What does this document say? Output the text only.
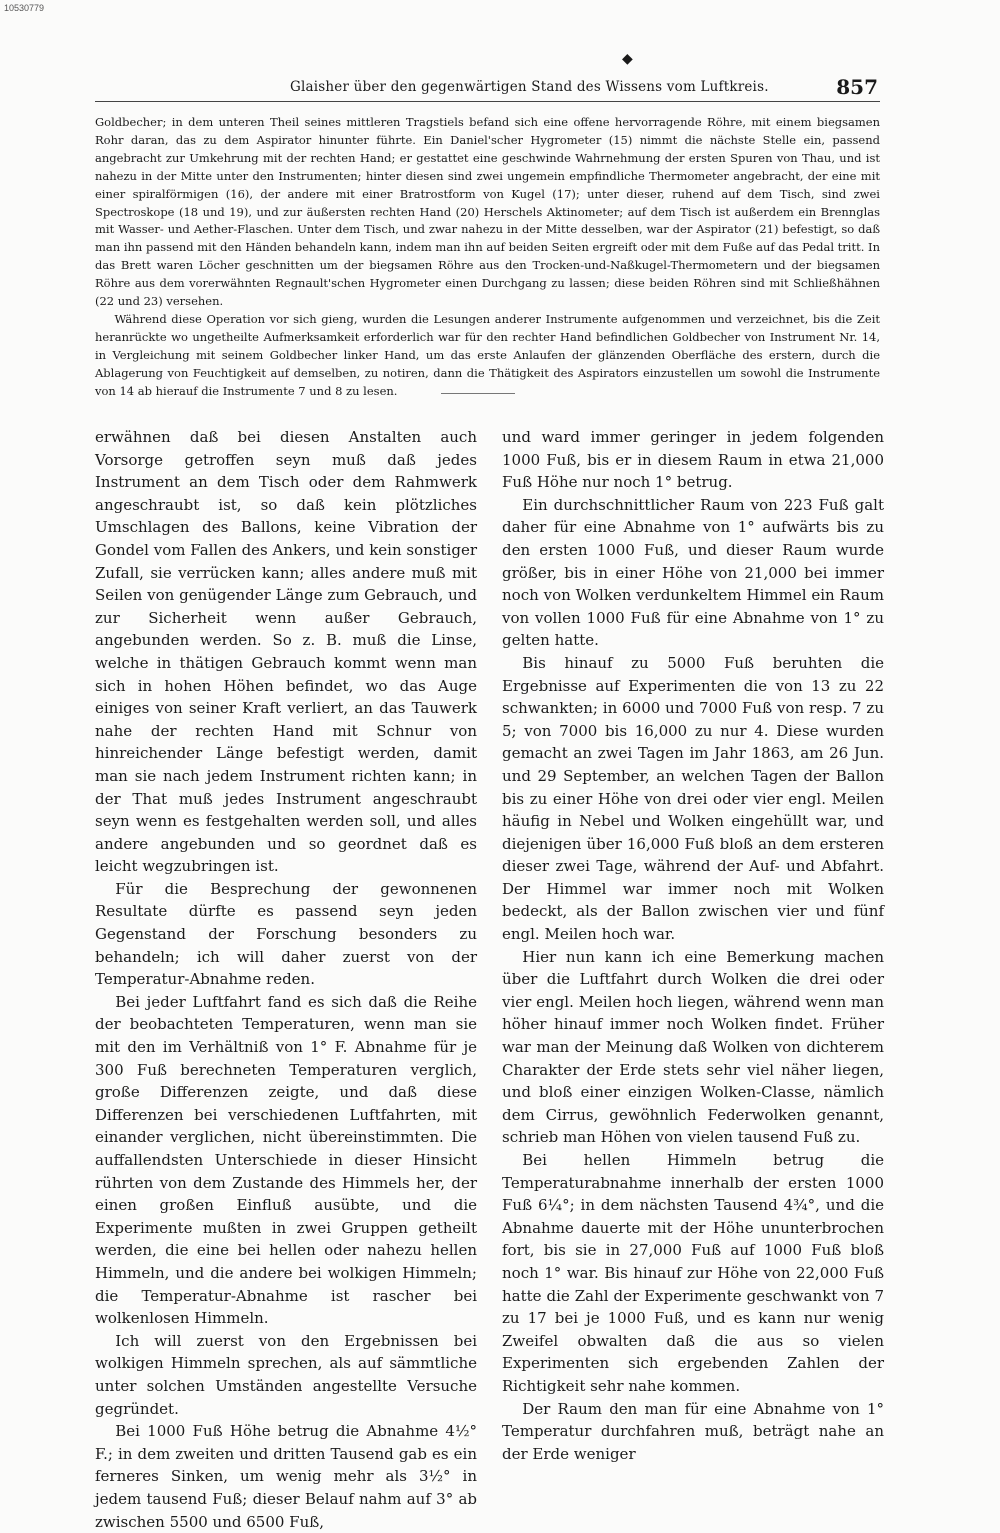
10530779
◆
Glaisher über den gegenwärtigen Stand des Wissens vom Luftkreis.	857

Goldbecher; in dem unteren Theil seines mittleren Tragstiels befand sich eine offene hervorragende Röhre, mit einem biegsamen Rohr daran, das zu dem Aspirator hinunter führte. Ein Daniel'scher Hygrometer (15) nimmt die nächste Stelle ein, passend angebracht zur Umkehrung mit der rechten Hand; er gestattet eine geschwinde Wahrnehmung der ersten Spuren von Thau, und ist nahezu in der Mitte unter den Instrumenten; hinter diesen sind zwei ungemein empfindliche Thermometer angebracht, der eine mit einer spiralförmigen (16), der andere mit einer Bratrostform von Kugel (17); unter dieser, ruhend auf dem Tisch, sind zwei Spectroskope (18 und 19), und zur äußersten rechten Hand (20) Herschels Aktinometer; auf dem Tisch ist außerdem ein Brennglas mit Wasser- und Aether-Flaschen. Unter dem Tisch, und zwar nahezu in der Mitte desselben, war der Aspirator (21) befestigt, so daß man ihn passend mit den Händen behandeln kann, indem man ihn auf beiden Seiten ergreift oder mit dem Fuße auf das Pedal tritt. In das Brett waren Löcher geschnitten um der biegsamen Röhre aus den Trocken-und-Naßkugel-Thermometern und der biegsamen Röhre aus dem vorerwähnten Regnault'schen Hygrometer einen Durchgang zu lassen; diese beiden Röhren sind mit Schließhähnen (22 und 23) versehen.

Während diese Operation vor sich gieng, wurden die Lesungen anderer Instrumente aufgenommen und verzeichnet, bis die Zeit heranrückte wo ungetheilte Aufmerksamkeit erforderlich war für den rechter Hand befindlichen Goldbecher von Instrument Nr. 14, in Vergleichung mit seinem Goldbecher linker Hand, um das erste Anlaufen der glänzenden Oberfläche des erstern, durch die Ablagerung von Feuchtigkeit auf demselben, zu notiren, dann die Thätigkeit des Aspirators einzustellen um sowohl die Instrumente von 14 ab hierauf die Instrumente 7 und 8 zu lesen.

erwähnen daß bei diesen Anstalten auch Vorsorge getroffen seyn muß daß jedes Instrument an dem Tisch oder dem Rahmwerk angeschraubt ist, so daß kein plötzliches Umschlagen des Ballons, keine Vibration der Gondel vom Fallen des Ankers, und kein sonstiger Zufall, sie verrücken kann; alles andere muß mit Seilen von genügender Länge zum Gebrauch, und zur Sicherheit wenn außer Gebrauch, angebunden werden. So z. B. muß die Linse, welche in thätigen Gebrauch kommt wenn man sich in hohen Höhen befindet, wo das Auge einiges von seiner Kraft verliert, an das Tauwerk nahe der rechten Hand mit Schnur von hinreichender Länge befestigt werden, damit man sie nach jedem Instrument richten kann; in der That muß jedes Instrument angeschraubt seyn wenn es festgehalten werden soll, und alles andere angebunden und so geordnet daß es leicht wegzubringen ist.

Für die Besprechung der gewonnenen Resultate dürfte es passend seyn jeden Gegenstand der Forschung besonders zu behandeln; ich will daher zuerst von der Temperatur-Abnahme reden.

Bei jeder Luftfahrt fand es sich daß die Reihe der beobachteten Temperaturen, wenn man sie mit den im Verhältniß von 1° F. Abnahme für je 300 Fuß berechneten Temperaturen verglich, große Differenzen zeigte, und daß diese Differenzen bei verschiedenen Luftfahrten, mit einander verglichen, nicht übereinstimmten. Die auffallendsten Unterschiede in dieser Hinsicht rührten von dem Zustande des Himmels her, der einen großen Einfluß ausübte, und die Experimente mußten in zwei Gruppen getheilt werden, die eine bei hellen oder nahezu hellen Himmeln, und die andere bei wolkigen Himmeln; die Temperatur-Abnahme ist rascher bei wolkenlosen Himmeln.

Ich will zuerst von den Ergebnissen bei wolkigen Himmeln sprechen, als auf sämmtliche unter solchen Umständen angestellte Versuche gegründet.

Bei 1000 Fuß Höhe betrug die Abnahme 4½° F.; in dem zweiten und dritten Tausend gab es ein ferneres Sinken, um wenig mehr als 3½° in jedem tausend Fuß; dieser Belauf nahm auf 3° ab zwischen 5500 und 6500 Fuß,

und ward immer geringer in jedem folgenden 1000 Fuß, bis er in diesem Raum in etwa 21,000 Fuß Höhe nur noch 1° betrug.

Ein durchschnittlicher Raum von 223 Fuß galt daher für eine Abnahme von 1° aufwärts bis zu den ersten 1000 Fuß, und dieser Raum wurde größer, bis in einer Höhe von 21,000 bei immer noch von Wolken verdunkeltem Himmel ein Raum von vollen 1000 Fuß für eine Abnahme von 1° zu gelten hatte.

Bis hinauf zu 5000 Fuß beruhten die Ergebnisse auf Experimenten die von 13 zu 22 schwankten; in 6000 und 7000 Fuß von resp. 7 zu 5; von 7000 bis 16,000 zu nur 4. Diese wurden gemacht an zwei Tagen im Jahr 1863, am 26 Jun. und 29 September, an welchen Tagen der Ballon bis zu einer Höhe von drei oder vier engl. Meilen häufig in Nebel und Wolken eingehüllt war, und diejenigen über 16,000 Fuß bloß an dem ersteren dieser zwei Tage, während der Auf- und Abfahrt. Der Himmel war immer noch mit Wolken bedeckt, als der Ballon zwischen vier und fünf engl. Meilen hoch war.

Hier nun kann ich eine Bemerkung machen über die Luftfahrt durch Wolken die drei oder vier engl. Meilen hoch liegen, während wenn man höher hinauf immer noch Wolken findet. Früher war man der Meinung daß Wolken von dichterem Charakter der Erde stets sehr viel näher liegen, und bloß einer einzigen Wolken-Classe, nämlich dem Cirrus, gewöhnlich Federwolken genannt, schrieb man Höhen von vielen tausend Fuß zu.

Bei hellen Himmeln betrug die Temperaturabnahme innerhalb der ersten 1000 Fuß 6¼°; in dem nächsten Tausend 4¾°, und die Abnahme dauerte mit der Höhe ununterbrochen fort, bis sie in 27,000 Fuß auf 1000 Fuß bloß noch 1° war. Bis hinauf zur Höhe von 22,000 Fuß hatte die Zahl der Experimente geschwankt von 7 zu 17 bei je 1000 Fuß, und es kann nur wenig Zweifel obwalten daß die aus so vielen Experimenten sich ergebenden Zahlen der Richtigkeit sehr nahe kommen.

Der Raum den man für eine Abnahme von 1° Temperatur durchfahren muß, beträgt nahe an der Erde weniger
